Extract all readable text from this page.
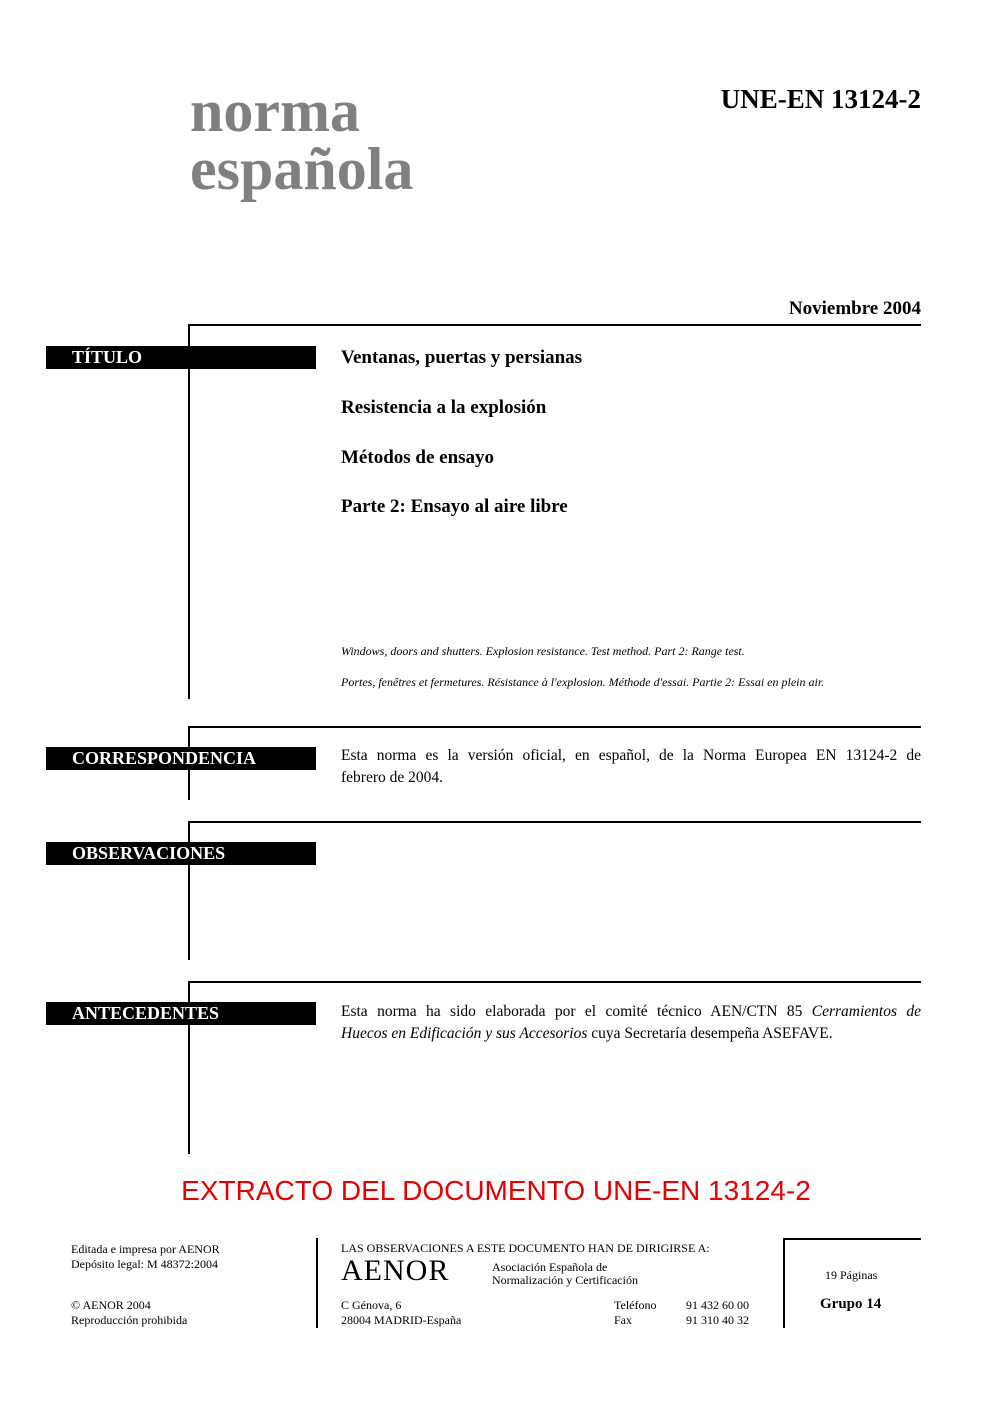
norma
española
UNE-EN 13124-2
Noviembre 2004
TÍTULO	Ventanas, puertas y persianas
Resistencia a la explosión
Métodos de ensayo
Parte 2: Ensayo al aire libre
Windows, doors and shutters. Explosion resistance. Test method. Part 2: Range test.
Portes, fenêtres et fermetures. Résistance à l'explosion. Méthode d'essai. Partie 2: Essai en plein air.
CORRESPONDENCIA	Esta norma es la versión oficial, en español, de la Norma Europea EN 13124-2 de
febrero de 2004.
OBSERVACIONES
ANTECEDENTES	Esta norma ha sido elaborada por el comité técnico AEN/CTN 85 Cerramientos de
Huecos en Edificación y sus Accesorios cuya Secretaría desempeña ASEFAVE.
EXTRACTO DEL DOCUMENTO UNE-EN 13124-2
Editada e impresa por AENOR
Depósito legal: M 48372:2004
© AENOR 2004
Reproducción prohibida
LAS OBSERVACIONES A ESTE DOCUMENTO HAN DE DIRIGIRSE A:
AENOR	Asociación Española de
Normalización y Certificación
C Génova, 6
28004 MADRID-España
Teléfono 91 432 60 00
Fax	91 310 40 32
19 Páginas
Grupo 14
